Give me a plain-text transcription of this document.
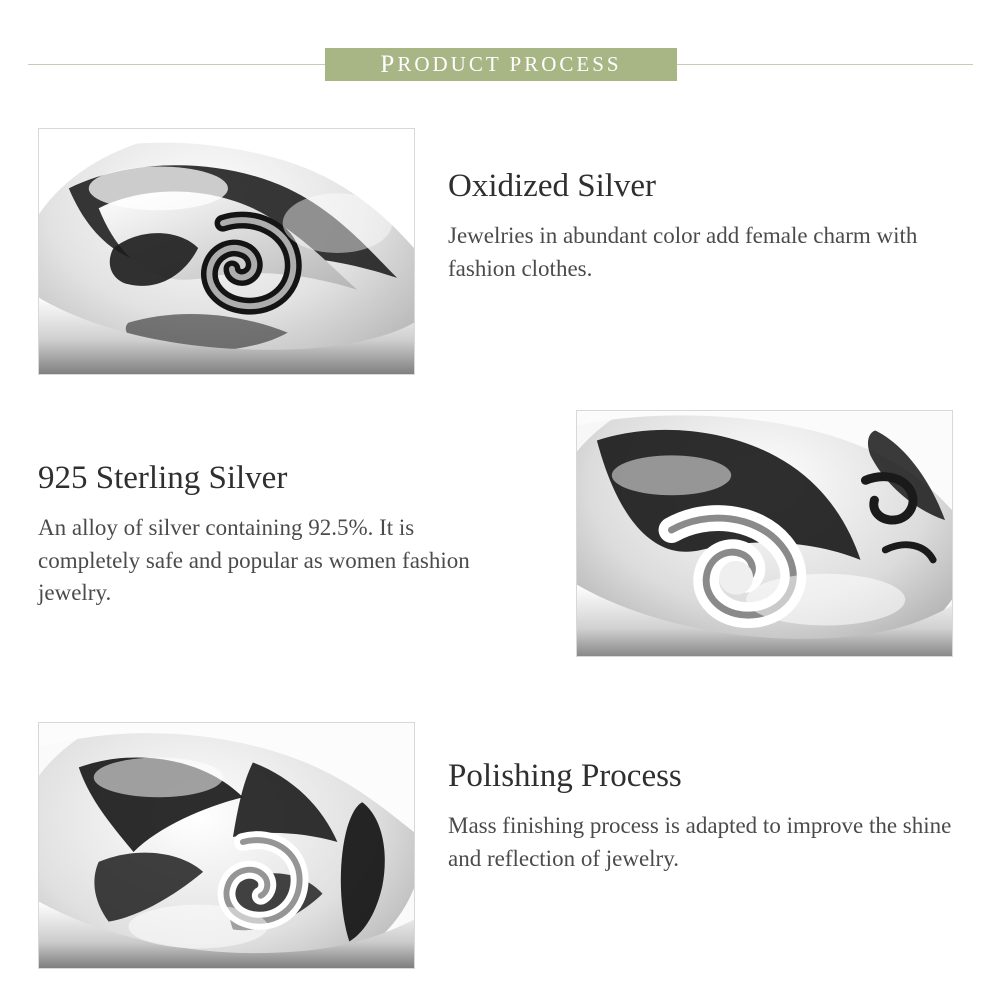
P RODUCT PROCESS
Oxidized Silver

Jewelries in abundant color add female charm with fashion clothes.

925 Sterling Silver

An alloy of silver containing 92.5%. It is completely safe and popular as women fashion jewelry.

Polishing Process

Mass finishing process is adapted to improve the shine and reflection of jewelry.
